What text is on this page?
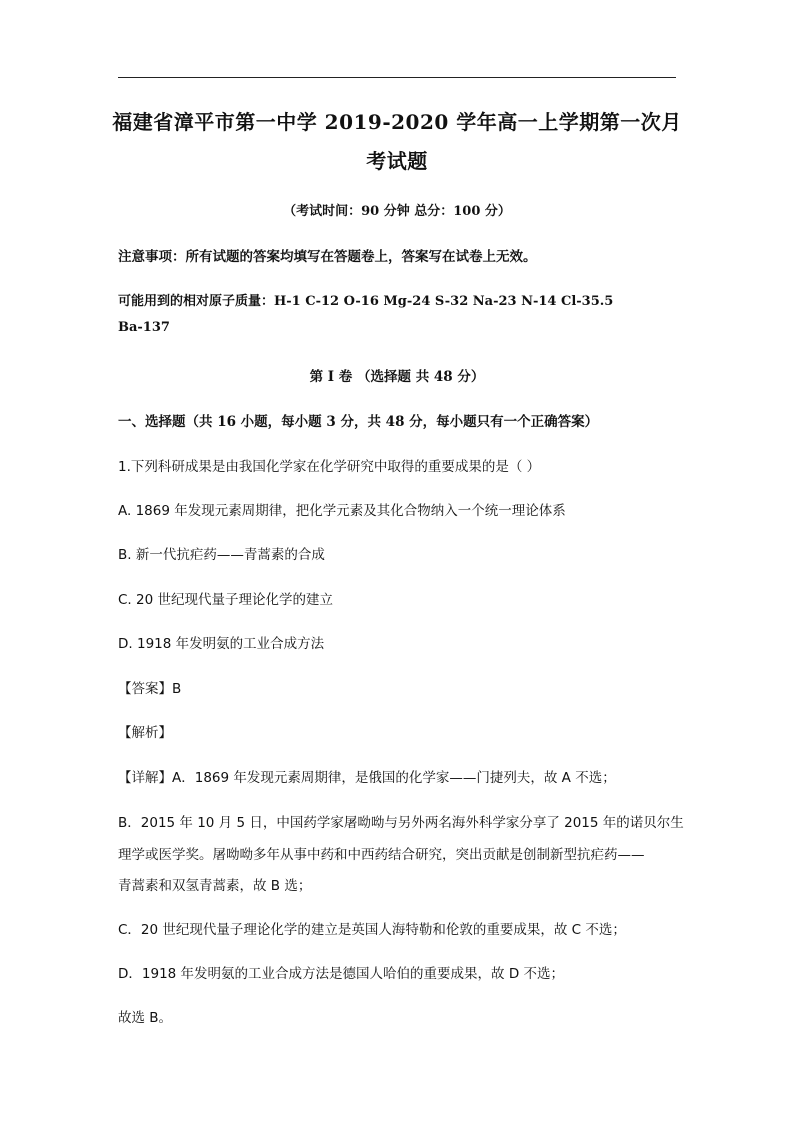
福建省漳平市第一中学 2019-2020 学年高一上学期第一次月
考试题
（考试时间：90 分钟 总分：100 分）
注意事项：所有试题的答案均填写在答题卷上，答案写在试卷上无效。
可能用到的相对原子质量：H-1 C-12 O-16 Mg-24 S-32 Na-23 N-14 Cl-35.5
Ba-137
第 I 卷 （选择题 共 48 分）
一、选择题（共 16 小题，每小题 3 分，共 48 分，每小题只有一个正确答案）
1.下列科研成果是由我国化学家在化学研究中取得的重要成果的是（ ）
A. 1869 年发现元素周期律，把化学元素及其化合物纳入一个统一理论体系
B. 新一代抗疟药——青蒿素的合成
C. 20 世纪现代量子理论化学的建立
D. 1918 年发明氨的工业合成方法
【答案】B
【解析】
【详解】A．1869 年发现元素周期律，是俄国的化学家——门捷列夫，故 A 不选；
B．2015 年 10 月 5 日，中国药学家屠呦呦与另外两名海外科学家分享了 2015 年的诺贝尔生
理学或医学奖。屠呦呦多年从事中药和中西药结合研究，突出贡献是创制新型抗疟药——
青蒿素和双氢青蒿素，故 B 选；
C．20 世纪现代量子理论化学的建立是英国人海特勒和伦敦的重要成果，故 C 不选；
D．1918 年发明氨的工业合成方法是德国人哈伯的重要成果，故 D 不选；
故选 B。
